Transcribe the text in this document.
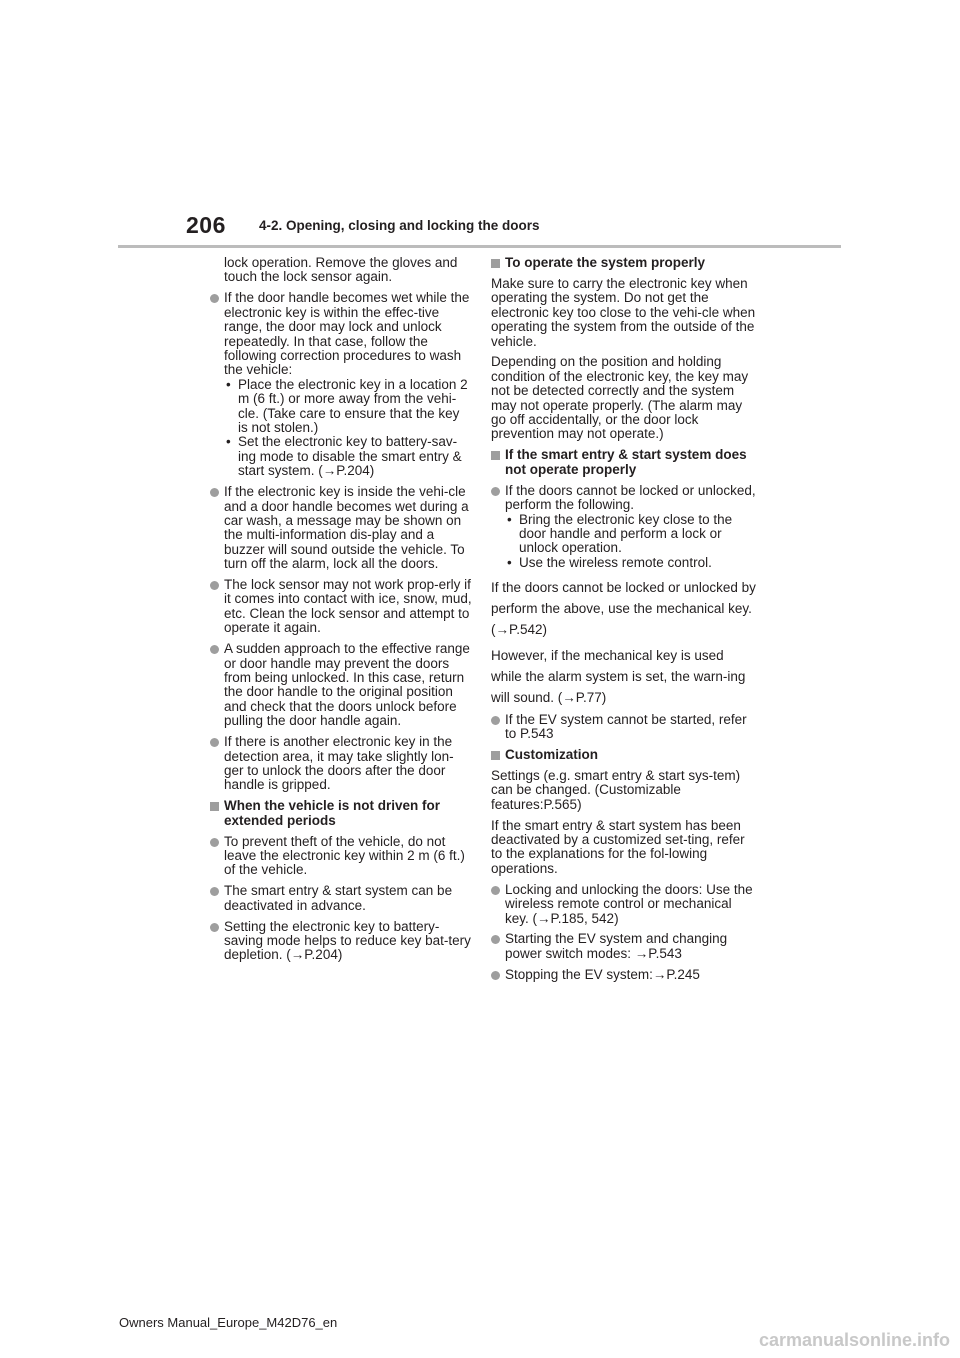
206 4-2. Opening, closing and locking the doors
lock operation. Remove the gloves and touch the lock sensor again.
If the door handle becomes wet while the electronic key is within the effec-tive range, the door may lock and unlock repeatedly. In that case, follow the following correction procedures to wash the vehicle:
• Place the electronic key in a location 2 m (6 ft.) or more away from the vehi-cle. (Take care to ensure that the key is not stolen.)
• Set the electronic key to battery-sav-ing mode to disable the smart entry & start system. (→P.204)
If the electronic key is inside the vehi-cle and a door handle becomes wet during a car wash, a message may be shown on the multi-information dis-play and a buzzer will sound outside the vehicle. To turn off the alarm, lock all the doors.
The lock sensor may not work prop-erly if it comes into contact with ice, snow, mud, etc. Clean the lock sensor and attempt to operate it again.
A sudden approach to the effective range or door handle may prevent the doors from being unlocked. In this case, return the door handle to the original position and check that the doors unlock before pulling the door handle again.
If there is another electronic key in the detection area, it may take slightly lon-ger to unlock the doors after the door handle is gripped.
When the vehicle is not driven for extended periods
To prevent theft of the vehicle, do not leave the electronic key within 2 m (6 ft.) of the vehicle.
The smart entry & start system can be deactivated in advance.
Setting the electronic key to battery-saving mode helps to reduce key bat-tery depletion. (→P.204)
To operate the system properly
Make sure to carry the electronic key when operating the system. Do not get the electronic key too close to the vehi-cle when operating the system from the outside of the vehicle.
Depending on the position and holding condition of the electronic key, the key may not be detected correctly and the system may not operate properly. (The alarm may go off accidentally, or the door lock prevention may not operate.)
If the smart entry & start system does not operate properly
If the doors cannot be locked or unlocked, perform the following.
• Bring the electronic key close to the door handle and perform a lock or unlock operation.
• Use the wireless remote control.
If the doors cannot be locked or unlocked by perform the above, use the mechanical key. (→P.542)
However, if the mechanical key is used while the alarm system is set, the warn-ing will sound. (→P.77)
If the EV system cannot be started, refer to P.543
Customization
Settings (e.g. smart entry & start sys-tem) can be changed. (Customizable features:P.565)
If the smart entry & start system has been deactivated by a customized set-ting, refer to the explanations for the fol-lowing operations.
Locking and unlocking the doors: Use the wireless remote control or mechanical key. (→P.185, 542)
Starting the EV system and changing power switch modes: →P.543
Stopping the EV system:→P.245
Owners Manual_Europe_M42D76_en
carmanualsonline.info
